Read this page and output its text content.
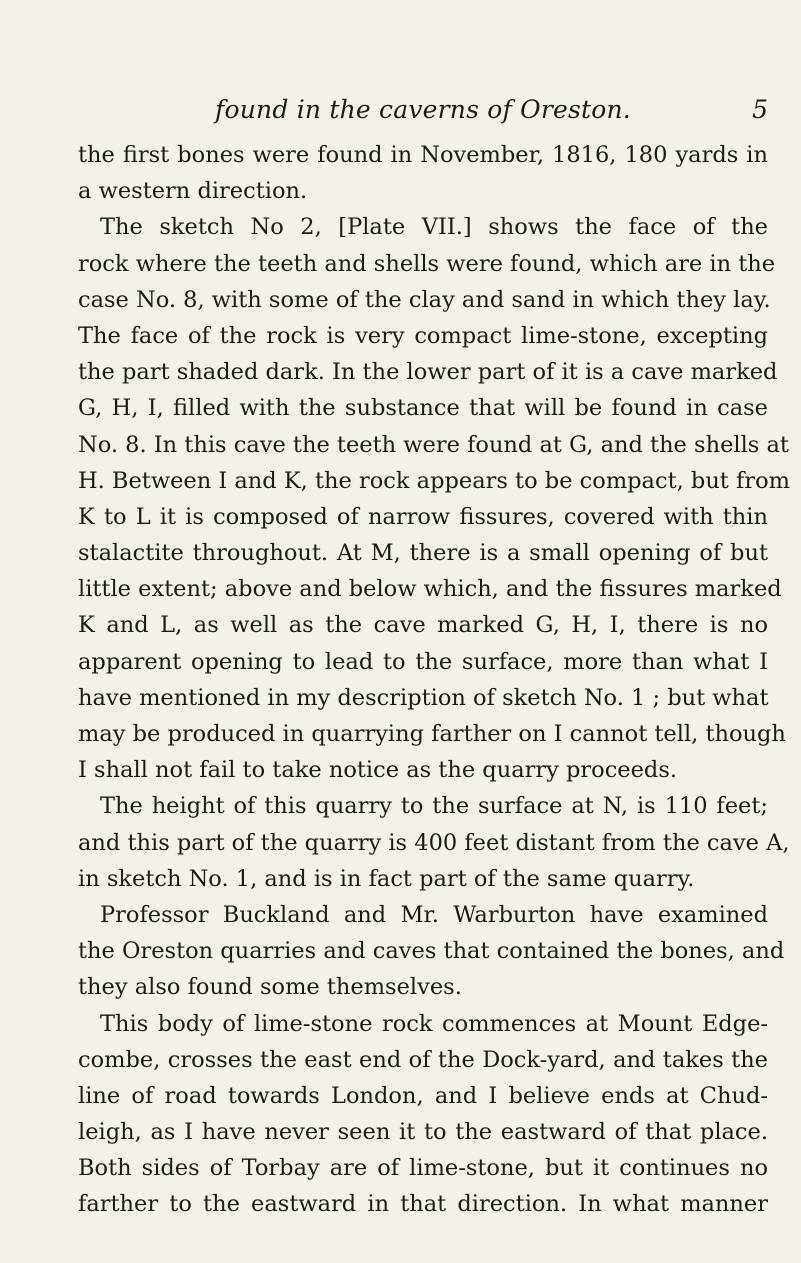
found in the caverns of Oreston.	5
the first bones were found in November, 1816, 180 yards in
a western direction.
The sketch No 2, [Plate VII.] shows the face of the
rock where the teeth and shells were found, which are in the
case No. 8, with some of the clay and sand in which they lay.
The face of the rock is very compact lime-stone, excepting
the part shaded dark. In the lower part of it is a cave marked
G, H, I, filled with the substance that will be found in case
No. 8. In this cave the teeth were found at G, and the shells at
H. Between I and K, the rock appears to be compact, but from
K to L it is composed of narrow fissures, covered with thin
stalactite throughout. At M, there is a small opening of but
little extent; above and below which, and the fissures marked
K and L, as well as the cave marked G, H, I, there is no
apparent opening to lead to the surface, more than what I
have mentioned in my description of sketch No. 1 ; but what
may be produced in quarrying farther on I cannot tell, though
I shall not fail to take notice as the quarry proceeds.
The height of this quarry to the surface at N, is 110 feet;
and this part of the quarry is 400 feet distant from the cave A,
in sketch No. 1, and is in fact part of the same quarry.
Professor Buckland and Mr. Warburton have examined
the Oreston quarries and caves that contained the bones, and
they also found some themselves.
This body of lime-stone rock commences at Mount Edge-
combe, crosses the east end of the Dock-yard, and takes the
line of road towards London, and I believe ends at Chud-
leigh, as I have never seen it to the eastward of that place.
Both sides of Torbay are of lime-stone, but it continues no
farther to the eastward in that direction. In what manner
